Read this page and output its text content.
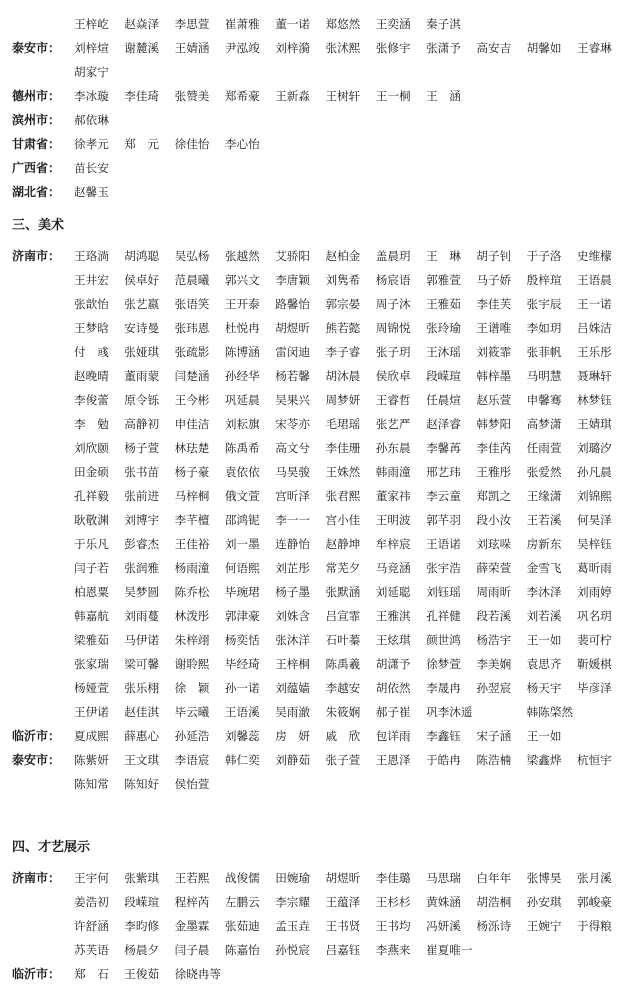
王梓屹	赵焱泽	李思萱	崔萧雅	董一诺	郑悠然	王奕涵	秦子淇
泰安市：	刘梓煊	谢麓溪	王婧涵	尹泓竣	刘梓漪	张沭熙	张修宇	张潇予	高安吉	胡馨如	王睿琳
胡家宁
德州市：	李冰璇	李佳琦	张赞美	郑希豪	王新淼	王树轩	王一桐	王　涵
滨州市：	郝依琳
甘肃省：	徐孝元	郑　元	徐佳怡	李心怡
广西省：	苗长安
湖北省：	赵馨玉
三、美术
济南市：	王珞淌	胡鸿聪	吴弘杨	张越然	艾骄阳	赵柏金	盖晨玥	王　琳	胡子钊	于子洛	史维檬
王井宏	侯卓好	范晨曦	郭兴文	李唐颖	刘隽希	杨宸语	郭雅萱	马子娇	殷梓瑄	王语晨
张歆怡	张艺嬴	张语笑	王开泰	路馨怡	郭宗晏	周子沐	王雅茹	李佳芙	张宇辰	王一诺
王梦晗	安诗曼	张玮恩	杜悦冉	胡煜昕	熊若懿	周锦悦	张玲瑜	王谱唯	李如玥	吕姝洁
付　彧	张娅琪	张疏影	陈博涵	雷闵迪	李子睿	张子玥	王沐瑶	刘筱霏	张菲帆	王乐彤
赵晚晴	董雨蒙	闫楚涵	孙经华	杨若馨	胡沐晨	侯欣卓	段嵘瑄	韩梓墨	马明慧	聂琳轩
李俊蕾	原令铄	王今彬	巩延晨	吴果兴	周梦妍	王睿哲	任晨煊	赵乐萱	申馨骞	林梦钰
李　勉	高静初	申佳洁	刘耘旗	宋苓亦	毛珺瑶	张艺严	赵泽睿	韩梦阳	高梦潇	王婧琪
刘欣颐	杨子萱	林珐楚	陈禹希	高文兮	李佳珊	孙东晨	李馨苒	李佳芮	任雨萱	刘璐汐
田金硕	张书苗	杨子豪	袁依依	马昊骏	王姝然	韩雨潼	邢艺玮	王雅彤	张爱然	孙凡晨
孔祥毅	张前进	马梓桐	俄文萱	宫昕泽	张君熙	董家祎	李云童	郑凯之	王缘潇	刘锦熙
耿敬渊	刘博宇	李芊檀	邵鸿铌	李一一	宫小佳	王明波	郭芊羽	段小汝	王若溪	何昊泽
于乐凡	彭睿杰	王佳裕	刘一墨	连静怡	赵静坤	牟梓宸	王语诺	刘玹哚	房新东	吴梓钰
闫子若	张润雅	杨雨潼	何语熙	刘芷彤	常芜夕	马竞涵	张宇浩	薛荣萱	金雪飞	葛昕雨
柏恩粟	吴梦圆	陈乔松	毕琬珺	杨子墨	张默涵	刘延聪	刘钰瑶	周雨昕	李沐泽	刘雨婷
韩嘉航	刘雨蔓	林泼彤	郭津豪	刘姝含	吕宣霏	王雅淇	孔祥健	段若溪	刘若溪	巩名玥
梁雅茹	马伊诺	朱梓翊	杨奕恬	张沐洋	石叶蓁	王炫琪	颜世鸿	杨浩宇	王一如	裴可柠
张家瑞	梁可馨	谢聆熙	毕经琦	王梓桐	陈禹羲	胡潇予	徐梦萱	李美娴	袁思齐	靳媛棋
杨娅萱	张乐栩	徐　颖	孙一诺	刘蕴嫱	李越安	胡依然	李晟冉	孙翌宸	杨天宇	毕彦泽
王伊诺	赵佳淇	毕云曦	王语溪	吴雨澈	朱筱娴	郝子崔	巩李沐遥	韩陈棨然
临沂市：	夏成熙	薛惠心	孙延浩	刘馨蕊	房　妍	戚　欣	包详雨	李鑫钰	宋子涵	王一如
泰安市：	陈紫妍	王文琪	李语宸	韩仁奕	刘静茹	张子萱	王恩泽	于皓冉	陈浩楠	梁鑫烨	杭恒宇
陈知常	陈知好	侯怡萱
四、才艺展示
济南市：	王宇何	张紫琪	王若熙	战俊儒	田婉瑜	胡煜昕	李佳璐	马思瑞	白年年	张博昊	张月溪
姜浩初	段嵘瑄	程梓芮	左鹏云	李宗耀	王蕴泽	王杉杉	黄姝涵	胡浩桐	孙安琪	郭峻豪
许舒涵	李昀修	金墨霖	张茹迪	孟玉垚	王书贤	王书均	冯妍溪	杨泺诗	王婉宁	于得粮
苏芙语	杨晨夕	闫子晨	陈嘉怡	孙悦宸	吕嘉钰	李燕来	崔夏唯一
临沂市：	郑　石	王俊茹	徐晓冉等
